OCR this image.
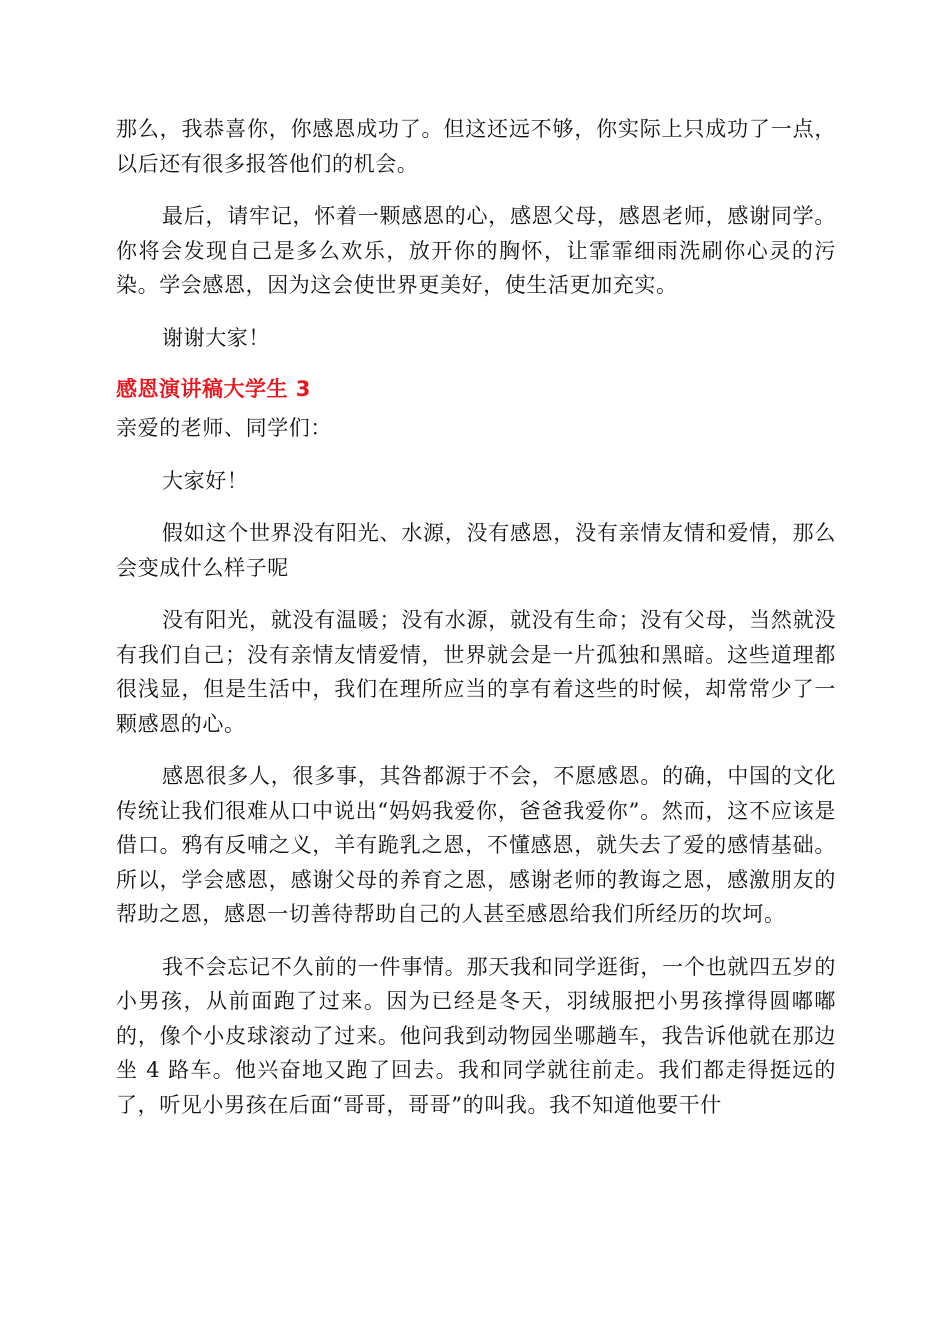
那么，我恭喜你，你感恩成功了。但这还远不够，你实际上只成功了一点，以后还有很多报答他们的机会。

最后，请牢记，怀着一颗感恩的心，感恩父母，感恩老师，感谢同学。你将会发现自己是多么欢乐，放开你的胸怀，让霏霏细雨洗刷你心灵的污染。学会感恩，因为这会使世界更美好，使生活更加充实。

谢谢大家！

感恩演讲稿大学生 3

亲爱的老师、同学们：

大家好！

假如这个世界没有阳光、水源，没有感恩，没有亲情友情和爱情，那么会变成什么样子呢

没有阳光，就没有温暖；没有水源，就没有生命；没有父母，当然就没有我们自己；没有亲情友情爱情，世界就会是一片孤独和黑暗。这些道理都很浅显，但是生活中，我们在理所应当的享有着这些的时候，却常常少了一颗感恩的心。

感恩很多人，很多事，其咎都源于不会，不愿感恩。的确，中国的文化传统让我们很难从口中说出“妈妈我爱你，爸爸我爱你”。然而，这不应该是借口。鸦有反哺之义，羊有跪乳之恩，不懂感恩，就失去了爱的感情基础。所以，学会感恩，感谢父母的养育之恩，感谢老师的教诲之恩，感激朋友的帮助之恩，感恩一切善待帮助自己的人甚至感恩给我们所经历的坎坷。

我不会忘记不久前的一件事情。那天我和同学逛街，一个也就四五岁的小男孩，从前面跑了过来。因为已经是冬天，羽绒服把小男孩撑得圆嘟嘟的，像个小皮球滚动了过来。他问我到动物园坐哪趟车，我告诉他就在那边坐 4 路车。他兴奋地又跑了回去。我和同学就往前走。我们都走得挺远的了，听见小男孩在后面“哥哥，哥哥”的叫我。我不知道他要干什
